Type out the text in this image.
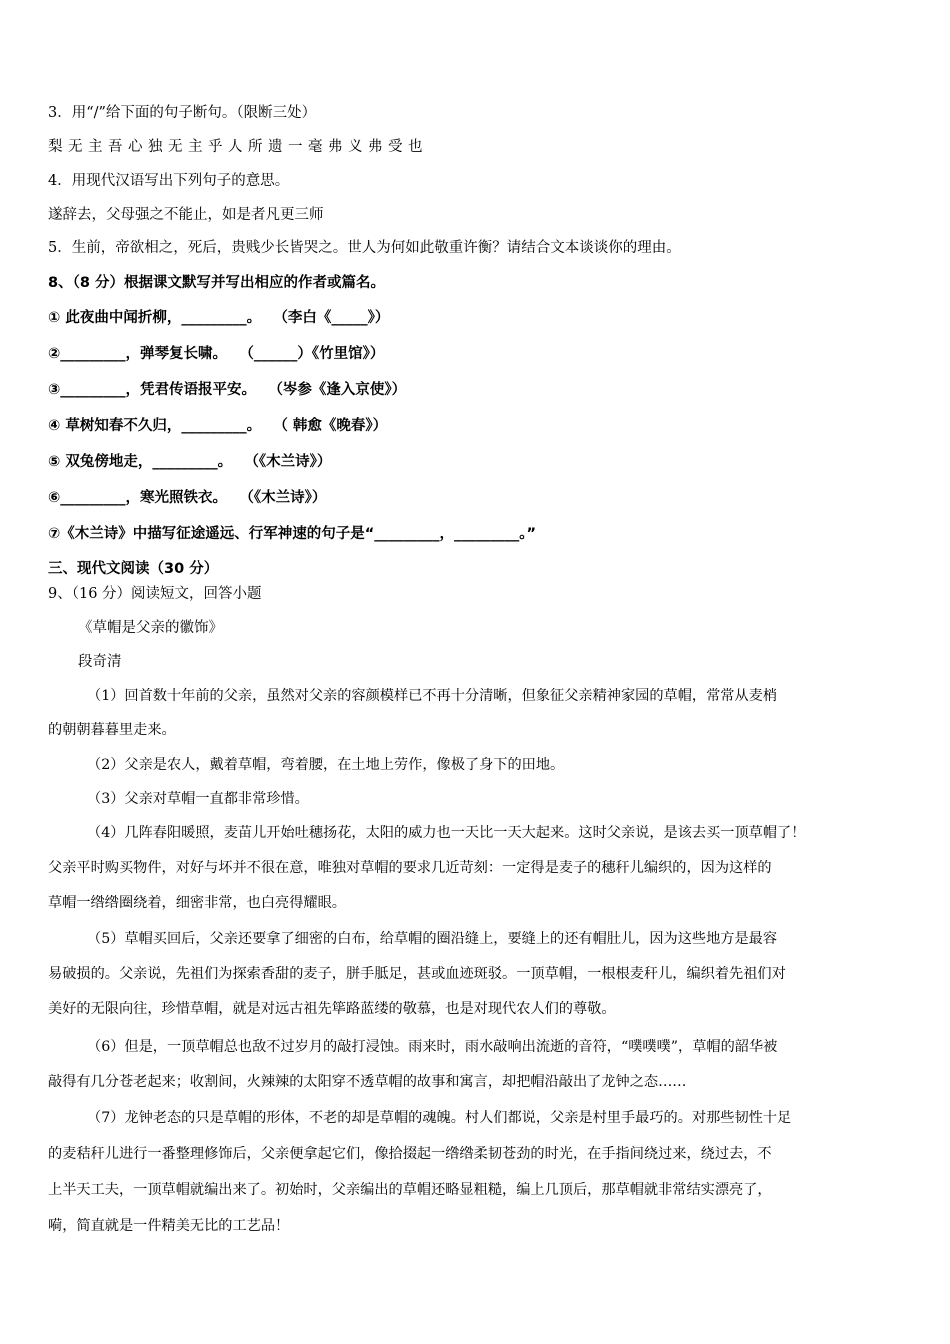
3．用“/”给下面的句子断句。（限断三处）
梨无主吾心独无主乎人所遗一毫弗义弗受也
4．用现代汉语写出下列句子的意思。
遂辞去，父母强之不能止，如是者凡更三师
5．生前，帝欲相之，死后，贵贱少长皆哭之。世人为何如此敬重许衡？请结合文本谈谈你的理由。
8、（8 分）根据课文默写并写出相应的作者或篇名。
① 此夜曲中闻折柳，_________。　 （李白《_____》）
②_________，弹琴复长啸。　 （______）《竹里馆》）
③_________，凭君传语报平安。　 （岑参《逢入京使》）
④ 草树知春不久归，_________。　 （ 韩愈《晚春》）
⑤ 双兔傍地走，_________。　 （《木兰诗》）
⑥_________，寒光照铁衣。　 （《木兰诗》）
⑦《木兰诗》中描写征途遥远、行军神速的句子是“_________，_________。”
三、现代文阅读（30 分）
9、（16 分）阅读短文，回答小题
《草帽是父亲的徽饰》
段奇清
（1）回首数十年前的父亲，虽然对父亲的容颜模样已不再十分清晰，但象征父亲精神家园的草帽，常常从麦梢
的朝朝暮暮里走来。
（2）父亲是农人，戴着草帽，弯着腰，在土地上劳作，像极了身下的田地。
（3）父亲对草帽一直都非常珍惜。
（4）几阵春阳暖照，麦苗儿开始吐穗扬花，太阳的威力也一天比一天大起来。这时父亲说，是该去买一顶草帽了！
父亲平时购买物件，对好与坏并不很在意，唯独对草帽的要求几近苛刻：一定得是麦子的穗秆儿编织的，因为这样的
草帽一绺绺圈绕着，细密非常，也白亮得耀眼。
（5）草帽买回后，父亲还要拿了细密的白布，给草帽的圈沿缝上，要缝上的还有帽肚儿，因为这些地方是最容
易破损的。父亲说，先祖们为探索香甜的麦子，胼手胝足，甚或血迹斑驳。一顶草帽，一根根麦秆儿，编织着先祖们对
美好的无限向往，珍惜草帽，就是对远古祖先筚路蓝缕的敬慕，也是对现代农人们的尊敬。
（6）但是，一顶草帽总也敌不过岁月的敲打浸蚀。雨来时，雨水敲响出流逝的音符，“噗噗噗”，草帽的韶华被
敲得有几分苍老起来；收割间，火辣辣的太阳穿不透草帽的故事和寓言，却把帽沿敲出了龙钟之态……
（7）龙钟老态的只是草帽的形体，不老的却是草帽的魂魄。村人们都说，父亲是村里手最巧的。对那些韧性十足
的麦秸秆儿进行一番整理修饰后，父亲便拿起它们，像拾掇起一绺绺柔韧苍劲的时光，在手指间绕过来，绕过去，不
上半天工夫，一顶草帽就编出来了。初始时，父亲编出的草帽还略显粗糙，编上几顶后，那草帽就非常结实漂亮了，
嗬，简直就是一件精美无比的工艺品！
